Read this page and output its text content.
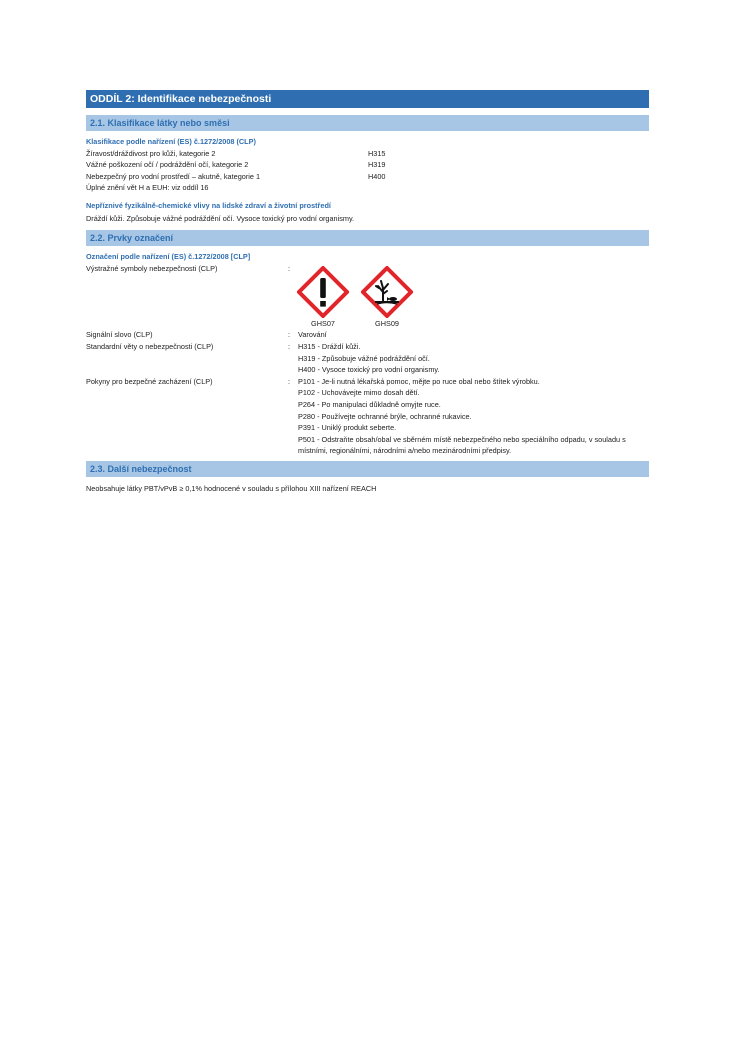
ODDÍL 2: Identifikace nebezpečnosti
2.1. Klasifikace látky nebo směsi
Klasifikace podle nařízení (ES) č.1272/2008 (CLP)
Žíravost/dráždivost pro kůži, kategorie 2	H315
Vážné poškození očí / podráždění očí, kategorie 2	H319
Nebezpečný pro vodní prostředí – akutně, kategorie 1	H400
Úplné znění vět H a EUH: viz oddíl 16
Nepříznivé fyzikálně-chemické vlivy na lidské zdraví a životní prostředí
Dráždí kůži. Způsobuje vážné podráždění očí. Vysoce toxický pro vodní organismy.
2.2. Prvky označení
Označení podle nařízení (ES) č.1272/2008 [CLP]
Výstražné symboly nebezpečnosti (CLP)	:
GHS07	GHS09
Signální slovo (CLP)	:	Varování
Standardní věty o nebezpečnosti (CLP)	:	H315 - Dráždí kůži.
H319 - Způsobuje vážné podráždění očí.
H400 - Vysoce toxický pro vodní organismy.
Pokyny pro bezpečné zacházení (CLP)	:	P101 - Je-li nutná lékařská pomoc, mějte po ruce obal nebo štítek výrobku.
P102 - Uchovávejte mimo dosah dětí.
P264 - Po manipulaci důkladně omyjte ruce.
P280 - Používejte ochranné brýle, ochranné rukavice.
P391 - Uniklý produkt seberte.
P501 - Odstraňte obsah/obal ve sběrném místě nebezpečného nebo speciálního odpadu, v souladu s místními, regionálními, národními a/nebo mezinárodními předpisy.
2.3. Další nebezpečnost
Neobsahuje látky PBT/vPvB ≥ 0,1% hodnocené v souladu s přílohou XIII nařízení REACH
